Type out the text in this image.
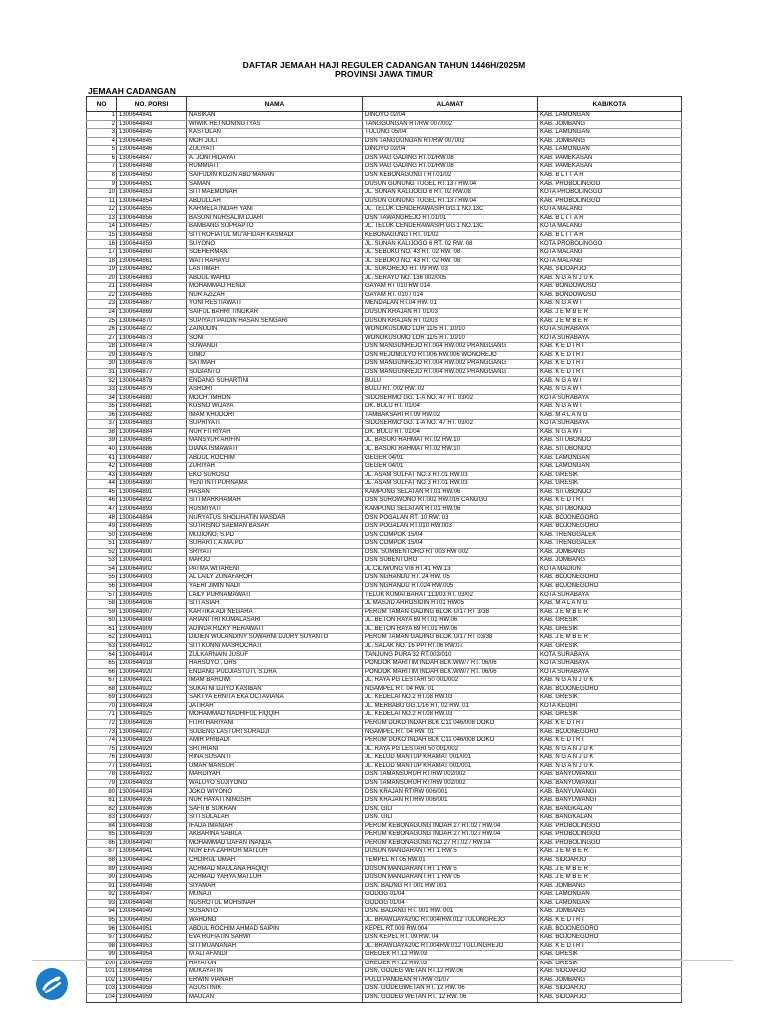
DAFTAR JEMAAH HAJI REGULER CADANGAN TAHUN 1446H/2025M
PROVINSI JAWA TIMUR
JEMAAH CADANGAN
NO	NO. PORSI	NAMA	ALAMAT	KAB/KOTA
1	1300644841	NASIKAN	DINOYO 02/04	KAB. LAMONGAN
2	1300644843	WIWIK RETNONINGTYAS	TANGGUNGAN RT/RW 007/002	KAB. JOMBANG
3	1300644845	KASTOLAN	TULUNG 05/04	KAB. LAMONGAN
4	1300644845	MOH JULI	DSN TANGGUNGAN RT/RW 007002	KAB. JOMBANG
5	1300644846	ZULIYATI	DINOYO 02/04	KAB. LAMONGAN
6	1300644847	A. JONI HIDAYAT	DSN PAG GADING RT.01/RW.08	KAB. PAMEKASAN
7	1300644848	RUMMIATI	DSN PAG GADING RT.01/RW.08	KAB. PAMEKASAN
8	1300644850	SAIFUDIN KOZIN ABD MANAN	DSN KEBONAGUNG I RT.01/02	KAB. B L I T A R
9	1300644851	SAMAN	DUSUN GUNUNG TUGEL RT.13 / RW.04	KAB. PROBOLINGGO
10	1300644853	SITI MAEMONAH	JL. SUNAN KALIJOGO 6 RT. 02 RW.08	KOTA PROBOLINGGO
11	1300644854	ABDULLAH	DUSUN GUNUNG TUGEL RT.13 / RW.04	KAB. PROBOLINGGO
12	1300644855	KARMELA INDAH YANI	JL. TELUK CENDERAWASIH GG.1 NO.13C	KOTA MALANG
13	1300644856	BASUNI NURSALIM DJARI	DSN TAWANGREJO RT.01/01	KAB. B L I T A R
14	1300644857	BAMBANG SUPRAPTO	JL. TELUK CENDERAWASIH GG.1 NO.13C	KOTA MALANG
15	1300644858	SITI ROFIATUL MU'AFIDAH KASMADI	KEBONAGUNG I RT. 01/02	KAB. B L I T A R
16	1300644859	SUYONO	JL. SUNAN KALIJOGO 6 RT. 02 RW. 08	KOTA PROBOLINGGO
17	1300644860	SOEHERMAN	JL. SEBUKU NO. 43 RT. 02 RW. 08	KOTA MALANG
18	1300644861	WATI RAHAYU	JL. SEBUKU NO. 43 RT. 02 RW. 08	KOTA MALANG
19	1300644862	LASTIMAH	JL. SUKOREJO RT. 09 RW. 03	KAB. SIDOARJO
20	1300644863	ABDUL WAHID	JL. SERAYU NO. 136 002/005	KAB. N G A N J U K
21	1300644864	MOHAMMAD HENDI	GAYAM RT 010 RW 014	KAB. BONDOWOSO
22	1300644865	NUR AZIZAH	GAYAM RT. 010 / 014	KAB. BONDOWOSO
23	1300644867	YUNI RESTIAWATI	MENDALAN RT.04 RW. 01	KAB. N G A W I
24	1300644869	SAIFUL BAHRI TINGKAR	DUSUN KRAJAN RT 01/03	KAB. J E M B E R
25	1300644870	SUPIYATI PAIDIN HASAN SENGARI	DUSUN KRAJAN RT 02/03	KAB. J E M B E R
26	1300644872	ZAINUDIN	WONOKUSUMO LOR 11/5 RT. 10/10	KOTA SURABAYA
27	1300644873	SONI	WONOKUSUMO LOR 11/5 RT. 10/10	KOTA SURABAYA
28	1300644874	SUWANDI	DSN MANGUNREJO RT.004 RW.002 PRANGGANG	KAB. K E D I R I
29	1300644875	GIMO	DSN REJOMULYO RT.006 RW.006 WONOREJO	KAB. K E D I R I
30	1300644876	SATIMAH	DSN MANGUNREJO RT.004 RW.002 PRANGGANG	KAB. K E D I R I
31	1300644877	SUGIANTO	DSN MANGUNREJO RT.004 RW.002 PRANGGANG	KAB. K E D I R I
32	1300644878	ENDANG SUHARTINI	BULU	KAB. N G A W I
33	1300644879	ASRORI	BULU RT. 002 RW. 02	KAB. N G A W I
34	1300644880	MOCH. IMRON	SIDOSERMO GG. 1-A NO. 47 RT. 03/02	KOTA SURABAYA
35	1300644881	KUSNO WIJAYA	DK. BULU RT. 01/04	KAB. N G A W I
36	1300644882	IMAM KHUDORI	TAMBAKSARI RT.09 RW.02	KAB. M A L A N G
37	1300644883	SUPRIYATI	SIDOSERMO GG. 1-A NO. 47 RT. 03/02	KOTA SURABAYA
38	1300644884	NUR FITRIYAH	DK. BULU RT. 01/04	KAB. N G A W I
39	1300644885	MANSYUR ARIFIN	JL. BASUKI RAHMAT RT.02 RW.10	KAB. SITUBONDO
40	1300644886	DIANA ISMAWATI	JL. BASUKI RAHMAT RT.02 RW.10	KAB. SITUBONDO
41	1300644887	ABDUL ROCHIM	GEGER 04/01	KAB. LAMONGAN
42	1300644888	ZURIYAH	GEGER 04/01	KAB. LAMONGAN
43	1300644889	EKO SUROSO	JL. ASAM SULFAT NO.3 RT.01 RW.03	KAB. GRESIK
44	1300644890	YENI INTI PURNAMA	JL. ASAM SULFAT NO.3 RT.01 RW.03	KAB. GRESIK
45	1300644891	HASAN	KAMPUNG SELATAN RT.01 RW.06	KAB. SITUBONDO
46	1300644892	SITI MARKHAMAH	DSN SUROWONO RT.002 RW.016 CANGGU	KAB. K E D I R I
47	1300644893	RUSMIYATI	KAMPUNG SELATAN RT.01 RW.06	KAB. SITUBONDO
48	1300644894	NURYATUS SHOLIHATIN MASDAR	DSN POGALAN RT. 10 RW. 03	KAB. BOJONEGORO
49	1300644895	SUTRISNO SAEMAN BASAR	DSN POGALAN RT.010 RW.003	KAB. BOJONEGORO
50	1300644896	MUJIONO, S.PD	DSN COMPOK 15/04	KAB. TRENGGALEK
51	1300644897	SUHARTI, A.MA.PD	DSN COMPOK 15/04	KAB. TRENGGALEK
52	1300644900	SRIYATI	DSN. SUMBENTORO RT 003 RW 002	KAB. JOMBANG
53	1300644901	MARJO	DSN SUBENTORO	KAB. JOMBANG
54	1300644902	PATMA WITARENI	JL.CILIWUNG V/8 RT.41 RW.13	KOTA MADIUN
55	1300644903	AL LAILY ZUNAFAROH	DSN NGRANDU RT. 24 RW. 05	KAB. BOJONEGORO
56	1300644904	YAERI JIMIN NADI	DSN NGRANDU RT.024 RW.005	KAB. BOJONEGORO
57	1300644905	LAILY PURNAMAWATI	TELUK KUMAI BARAT 113/03 RT. 03/02	KOTA SURABAYA
58	1300644906	SITI ASIAH	JL MASJID ARROSIDIN RT01 RW05	KAB. M A L A N G
59	1300644907	KARTIKA ADI NEGARA	PERUM TAMAN GADING BLOK U/17 RT 3/38	KAB. J E M B E R
60	1300644908	ARIANI TRI KUMALASARI	JL. BETON RAYA 69 RT.01 RW.06	KAB. GRESIK
61	1300644909	ADINDA RIZKY HERAWATI	JL. BETON RAYA 69 RT.01 RW.06	KAB. GRESIK
62	1300644911	DIDIEN WULANDINY SUWARNI DJURY SUYANTO	PERUM TAMAN GADING BLOK U/17 RT 03/38	KAB. J E M B E R
63	1300644912	SITI KUNNI MASROCHATI	JL. SALAK NO. 16 PPI RT.06 RW.07	KAB. GRESIK
64	1300644914	ZULKARNAIN JUSUF	TANJUNG PURA 32 RT.003/010	KOTA SURABAYA
65	1300644918	HARSOYO , DRS	PONDOK MARITIM INDAH BLK.WW/7 RT. 06/06	KOTA SURABAYA
66	1300644920	ENDANG PUDJIASTUTI, S.DRA	PONDOK MARITIM INDAH BLK.WW/7 RT. 06/06	KOTA SURABAYA
67	1300644921	IMAM BAROWI	JL. RAYA PG LESTARI 50 001/002	KAB. N G A N J U K
68	1300644922	SUKATNI DJIYO KASIBAN	NGAMPEL RT. 04 RW. 01	KAB. BOJONEGORO
69	1300644923	SAKTYA ERNITA EKA OCTAVIANA	JL. KEDELAI NO.2 RT.08 RW.03	KAB. GRESIK
70	1300644924	JATIRAH	JL. MERBABU GG.1/16 RT. 02 RW. 01	KOTA KEDIRI
71	1300644925	MOHAMMAD NADHIFUL FIQQIH	JL. KEDELAI NO.2 RT.08 RW.03	KAB. GRESIK
72	1300644926	FITRI HARIYANI	PERUM DOKO INDAH BLK C11 046/008 DOKO	KAB. K E D I R I
73	1300644927	SUGENG LASTURI SURADJI	NGAMPEL RT. 04 RW. 01	KAB. BOJONEGORO
74	1300644928	AMIR PRIBADI	PERUM DOKO INDAH BLK C11 046/008 DOKO	KAB. K E D I R I
75	1300644929	SRI IRIANI	JL. RAYA PG LESTARI 50 001/002	KAB. N G A N J U K
76	1300644930	RINA SUSANTI	JL. KELUD MANTUP KRAMAT 001/001	KAB. N G A N J U K
77	1300644931	UMAR MANSUR	JL. KELUD MANTUP KRAMAT 001/001	KAB. N G A N J U K
78	1300644932	MARDIYAH	DSN TAMANSURUH RT/RW 002/002	KAB. BANYUWANGI
79	1300644933	WALUYO SUJIYONO	DSN TAMANSURUH RT/RW 002/002	KAB. BANYUWANGI
80	1300644934	JOKO WIYONO	DSN KRAJAN RT/RW 006/001	KAB. BANYUWANGI
81	1300644935	NUR HAYATI NINGSIH	DSN KRAJAN RT/RW 006/001	KAB. BANYUWANGI
82	1300644936	SAFII B SUKRAN	DSN. GILI	KAB. BANGKALAN
83	1300644937	SITI SULALAH	DSN. GILI	KAB. BANGKALAN
84	1300644938	IFADA IMANIAH	PERUM KEBONAGUNG INDAH 27 RT.02 / RW.04	KAB. PROBOLINGGO
85	1300644939	AKBARINA SABILA	PERUM KEBONAGUNG INDAH 27 RT.02 / RW.04	KAB. PROBOLINGGO
86	1300644940	MOHAMMAD DAFAN INANDA	PERUM KEBONAGUNG NO.27 RT.02 / RW.04	KAB. PROBOLINGGO
87	1300644941	NUR EFA ZAHROH MATLUH	DUSUN MANDARAN I RT 1 RW 5	KAB. J E M B E R
88	1300644942	CHOIRUL UMAH	TEMPEL RT.05 RW.01	KAB. SIDOARJO
89	1300644943	ACHMAD MAULANA HAQIQI	DUSUN MANDARAN I RT 1 RW 5	KAB. J E M B E R
90	1300644945	ACHMAD YAHYA MATLUH	DUSUN MANDARAN I RT 1 RW 05	KAB. J E M B E R
91	1300644946	SIYAMAH	DSN. BADNG RT 001 RW 001	KAB. JOMBANG
92	1300644947	MUNAJI	GODOG 01/04	KAB. LAMONGAN
93	1300644948	NUSROTUL MUHSINAH	GODOG 01/04	KAB. LAMONGAN
94	1300644949	SUSANTO	DSN. BADANG RT. 001 RW. 001	KAB. JOMBANG
95	1300644950	WAHONO	JL. BRAWIJAYA20C RT.004/RW.012 TULUNGREJO	KAB. K E D I R I
96	1300644951	ABDUL ROCHIM AHMAD SAIPIN	KEPEL RT.009 RW.004	KAB. BOJONEGORO
97	1300644952	EVA RUFIATIN SARWI	DSN KEPEL RT. 09 RW. 04	KAB. BOJONEGORO
98	1300644953	SITI MUANANAH	JL. BRAWIJAYA20C RT.004RW.012 TULUNGREJO	KAB. K E D I R I
99	1300644954	M ALI AFANDI	GREDEK RT.12 RW.03	KAB. GRESIK
100	1300644955	HAYATUN	GREDEK RT.12 RW.03	KAB. GRESIK
101	1300644956	MUKAYATIN	DSN. GODEG WETAN RT.12 RW.06	KAB. SIDOARJO
102	1300644957	ERWIN VIANAH	PULO PANDEAN RT/RW 01/07	KAB. JOMBANG
103	1300644958	AGUSTINIK	DSN. GODEGWETAN RT. 12 RW. 06	KAB. SIDOARJO
104	1300644959	MAULAN	DSN. GODEG WETAN RT. 12 RW. 06	KAB. SIDOARJO
